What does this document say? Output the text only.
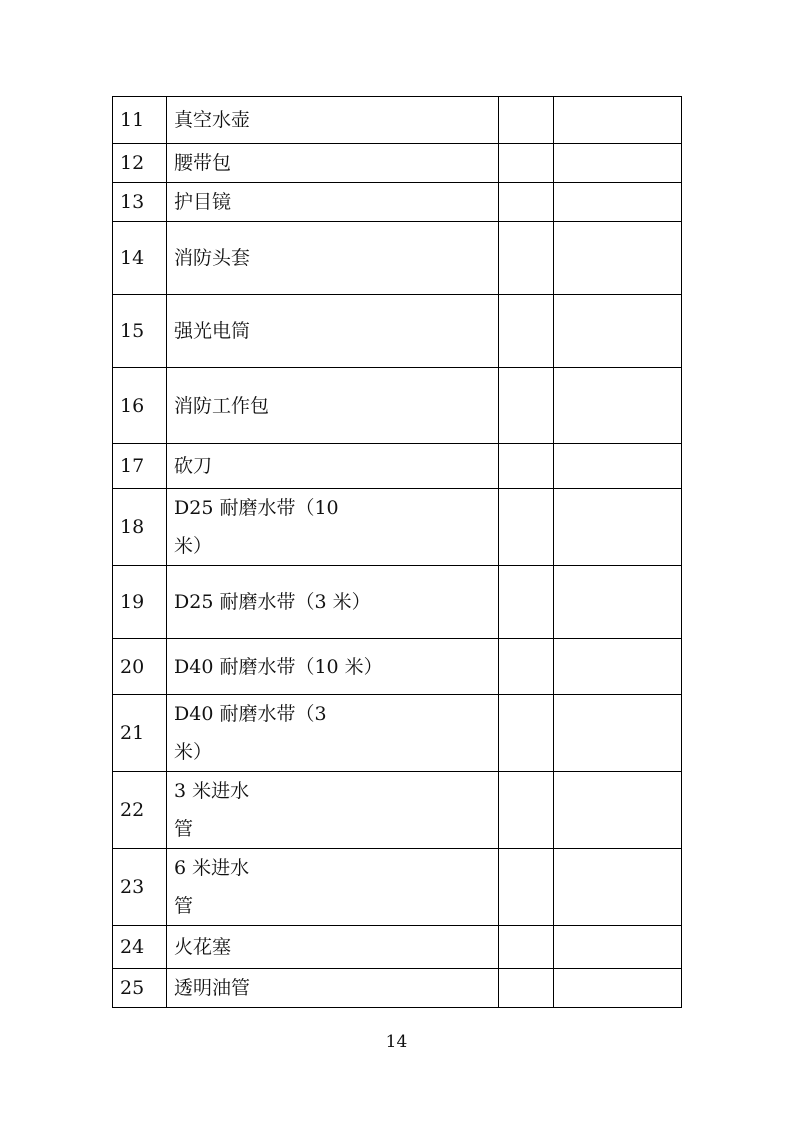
11	真空水壶		

12	腰带包		

13	护目镜		

14	消防头套		

15	强光电筒		

16	消防工作包		

17	砍刀		

18	D25 耐磨水带（10 米）		

19	D25 耐磨水带（3 米）		

20	D40 耐磨水带（10 米）		

21	D40 耐磨水带（3 米）		

22	3 米进水管		

23	6 米进水管		

24	火花塞		

25	透明油管		

14
